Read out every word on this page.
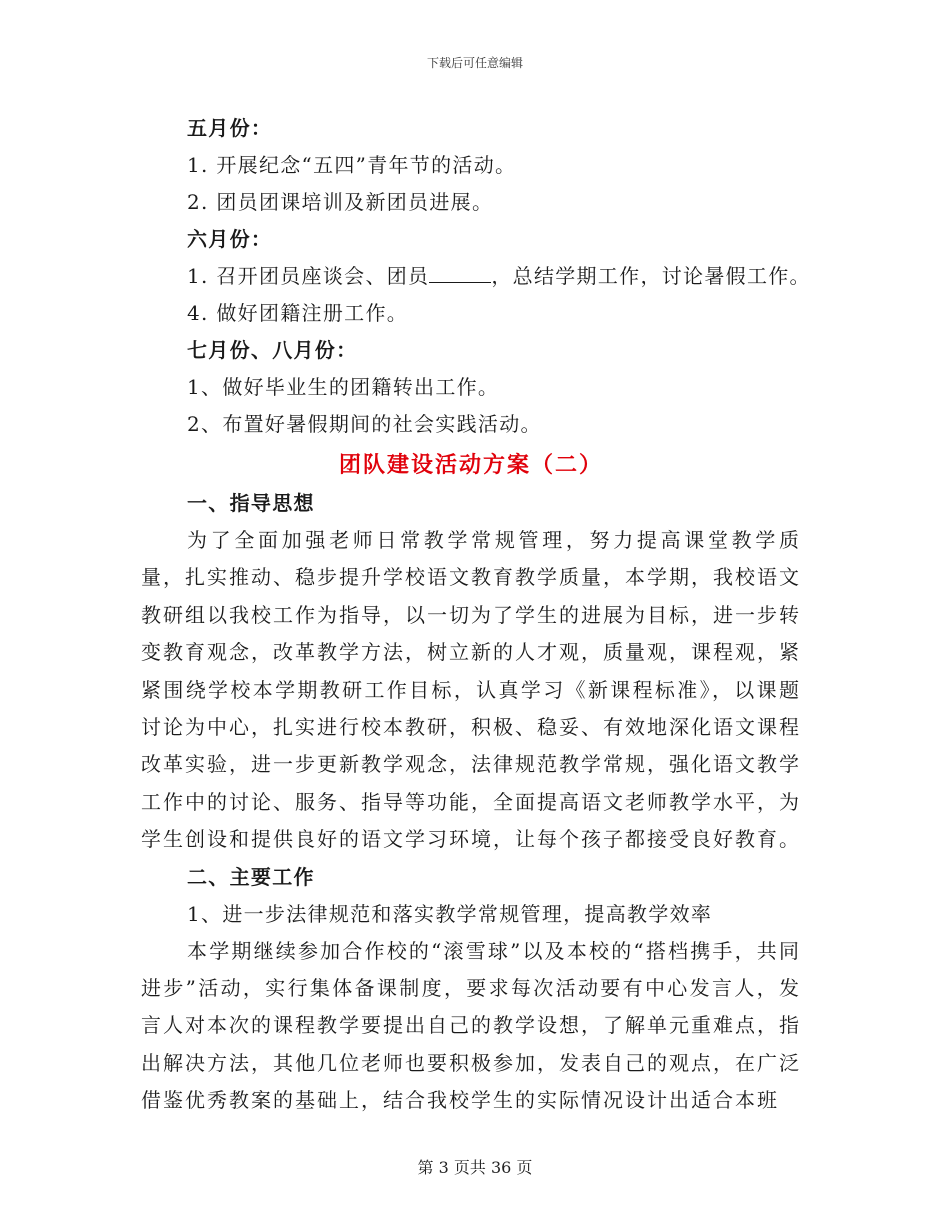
下载后可任意编辑
五月份：
1. 开展纪念“五四”青年节的活动。
2. 团员团课培训及新团员进展。
六月份：
1. 召开团员座谈会、团员	，总结学期工作，讨论暑假工作。
4. 做好团籍注册工作。
七月份、八月份：
1、做好毕业生的团籍转出工作。
2、布置好暑假期间的社会实践活动。
团队建设活动方案（二）
一、指导思想

为了全面加强老师日常教学常规管理，努力提高课堂教学质量，扎实推动、稳步提升学校语文教育教学质量，本学期，我校语文教研组以我校工作为指导，以一切为了学生的进展为目标，进一步转变教育观念，改革教学方法，树立新的人才观，质量观，课程观，紧紧围绕学校本学期教研工作目标，认真学习《新课程标准》，以课题讨论为中心，扎实进行校本教研，积极、稳妥、有效地深化语文课程改革实验，进一步更新教学观念，法律规范教学常规，强化语文教学工作中的讨论、服务、指导等功能，全面提高语文老师教学水平，为学生创设和提供良好的语文学习环境，让每个孩子都接受良好教育。

二、主要工作
1、进一步法律规范和落实教学常规管理，提高教学效率

本学期继续参加合作校的“滚雪球”以及本校的“搭档携手，共同进步”活动，实行集体备课制度，要求每次活动要有中心发言人，发言人对本次的课程教学要提出自己的教学设想，了解单元重难点，指出解决方法，其他几位老师也要积极参加，发表自己的观点，在广泛借鉴优秀教案的基础上，结合我校学生的实际情况设计出适合本班

第 3 页共 36 页
